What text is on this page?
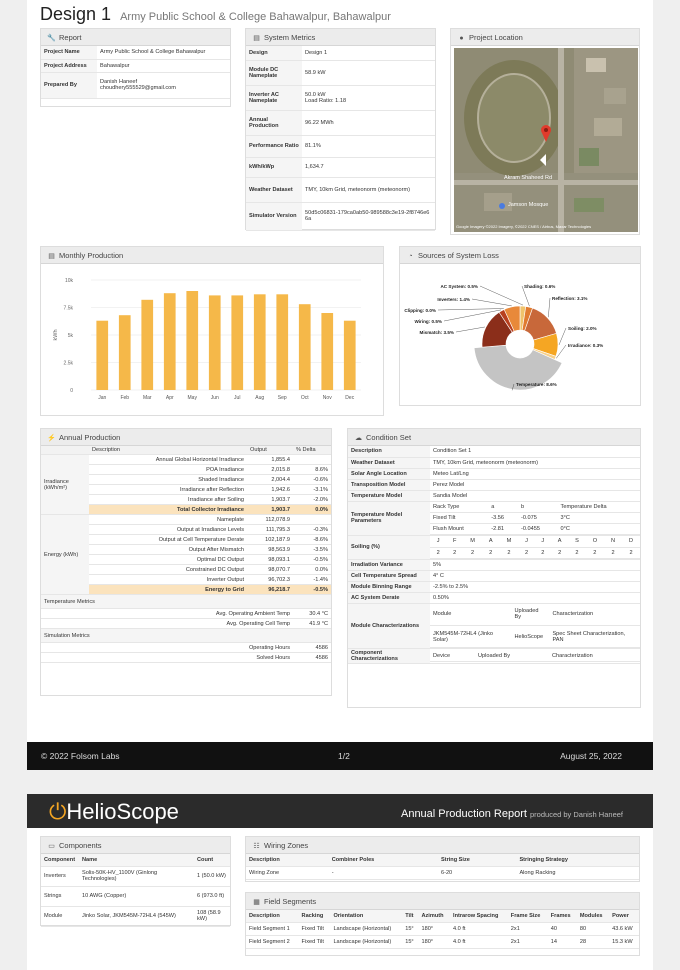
Design 1 Army Public School & College Bahawalpur, Bahawalpur
🔧 Report
Project Name	Army Public School & College Bahawalpur
Project Address	Bahawalpur
Prepared By	Danish Haneef
choudhery555529@gmail.com
▤ System Metrics
Design	Design 1
Module DC Nameplate	58.9 kW
Inverter AC Nameplate	50.0 kW
Load Ratio: 1.18

Annual Production	96.22 MWh
Performance Ratio	81.1%
kWh/kWp	1,634.7
Weather Dataset	TMY, 10km Grid, meteonorm (meteonorm)
Simulator Version	50d5c06831-179ca0ab50-989588c3e19-2f8746e66a
● Project Location
Akram Shaheed Rd
Jamson Mosque
Google Imagery ©2022 Imagery, ©2022 CNES / Airbus, Maxar Technologies
▤ Monthly Production
0
2.5k
5k
7.5k
10k
kWh
Jan	Feb	Mar	Apr	May	Jun	Jul	Aug	Sep	Oct	Nov	Dec
◔ Sources of System Loss
AC System: 0.5%	Shading: 0.6%
Reflection: 3.1%
Soiling: 2.0%
Irradiance: 0.3%
Temperature: 8.6%
Mismatch: 3.5%
Wiring: 0.5%
Clipping: 0.0%
Inverters: 1.4%
⚡ Annual Production
	Description	Output	% Delta
Irradiance (kWh/m²)	Annual Global Horizontal Irradiance	1,855.4	
	POA Irradiance	2,015.8	8.6%
	Shaded Irradiance	2,004.4	-0.6%
	Irradiance after Reflection	1,942.6	-3.1%
	Irradiance after Soiling	1,903.7	-2.0%
	Total Collector Irradiance	1,903.7	0.0%
Energy (kWh)	Nameplate	112,078.9	
	Output at Irradiance Levels	111,795.3	-0.3%
	Output at Cell Temperature Derate	102,187.9	-8.6%
	Output After Mismatch	98,563.9	-3.5%
	Optimal DC Output	98,093.1	-0.5%
	Constrained DC Output	98,070.7	0.0%
	Inverter Output	96,702.3	-1.4%
	Energy to Grid	96,218.7	-0.5%
Temperature Metrics			
	Avg. Operating Ambient Temp		30.4 °C
	Avg. Operating Cell Temp		41.9 °C
Simulation Metrics			
	Operating Hours		4586
	Solved Hours		4586
☁ Condition Set
Description	Condition Set 1
Weather Dataset	TMY, 10km Grid, meteonorm (meteonorm)
Solar Angle Location	Meteo Lat/Lng
Transposition Model	Perez Model
Temperature Model	Sandia Model
Temperature Model Parameters	
Rack Type	a	b	Temperature Delta
Fixed Tilt	-3.56	-0.075	3°C
Flush Mount	-2.81	-0.0455	0°C

Soiling (%)	
J	F	M	A	M	J	J	A	S	O	N	D
2	2	2	2	2	2	2	2	2	2	2	2

Irradiation Variance	5%
Cell Temperature Spread	4° C
Module Binning Range	-2.5% to 2.5%
AC System Derate	0.50%
Module Characterizations	
Module	Uploaded By	Characterization
JKM545M-72HL4 (Jinko Solar)	HelioScope	Spec Sheet Characterization, PAN

Component Characterizations	
Device	Uploaded By	Characterization
© 2022 Folsom Labs	1/2	August 25, 2022
⏻HelioScope	Annual Production Report produced by Danish Haneef
▭ Components
Component	Name	Count
Inverters	Solis-50K-HV_1100V (Ginlong Technologies)	1 (50.0 kW)
Strings	10 AWG (Copper)	6 (973.0 ft)
Module	Jinko Solar, JKM545M-72HL4 (545W)	108 (58.9 kW)
☷ Wiring Zones
Description	Combiner Poles	String Size	Stringing Strategy
Wiring Zone	-	6-20	Along Racking
▦ Field Segments
Description	Racking	Orientation	Tilt	Azimuth	Intrarow Spacing	Frame Size	Frames	Modules	Power
Field Segment 1	Fixed Tilt	Landscape (Horizontal)	15°	180°	4.0 ft	2x1	40	80	43.6 kW
Field Segment 2	Fixed Tilt	Landscape (Horizontal)	15°	180°	4.0 ft	2x1	14	28	15.3 kW
